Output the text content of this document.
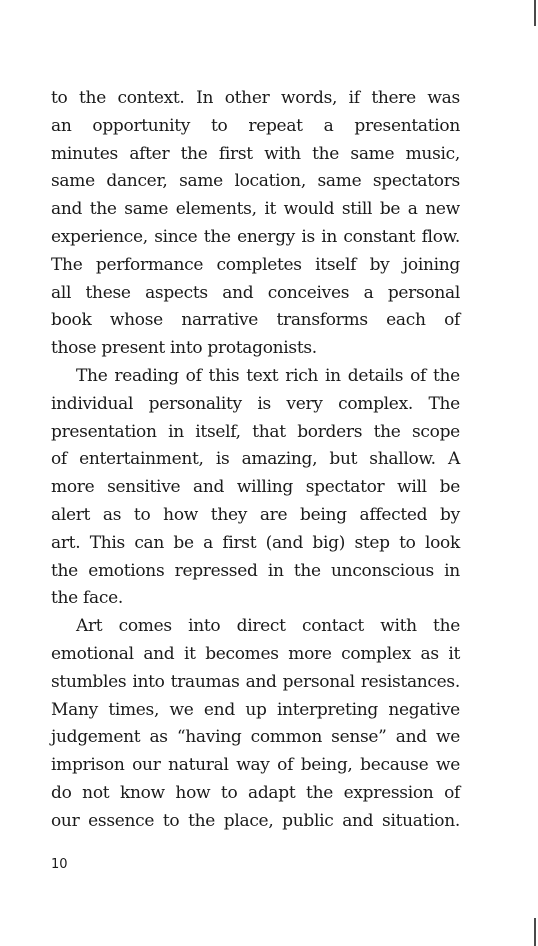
to the context. In other words, if there was
an opportunity to repeat a presentation
minutes after the first with the same music,
same dancer, same location, same spectators
and the same elements, it would still be a new
experience, since the energy is in constant flow.
The performance completes itself by joining
all these aspects and conceives a personal
book whose narrative transforms each of
those present into protagonists.
The reading of this text rich in details of the
individual personality is very complex. The
presentation in itself, that borders the scope
of entertainment, is amazing, but shallow. A
more sensitive and willing spectator will be
alert as to how they are being affected by
art. This can be a first (and big) step to look
the emotions repressed in the unconscious in
the face.
Art comes into direct contact with the
emotional and it becomes more complex as it
stumbles into traumas and personal resistances.
Many times, we end up interpreting negative
judgement as “having common sense” and we
imprison our natural way of being, because we
do not know how to adapt the expression of
our essence to the place, public and situation.
10
